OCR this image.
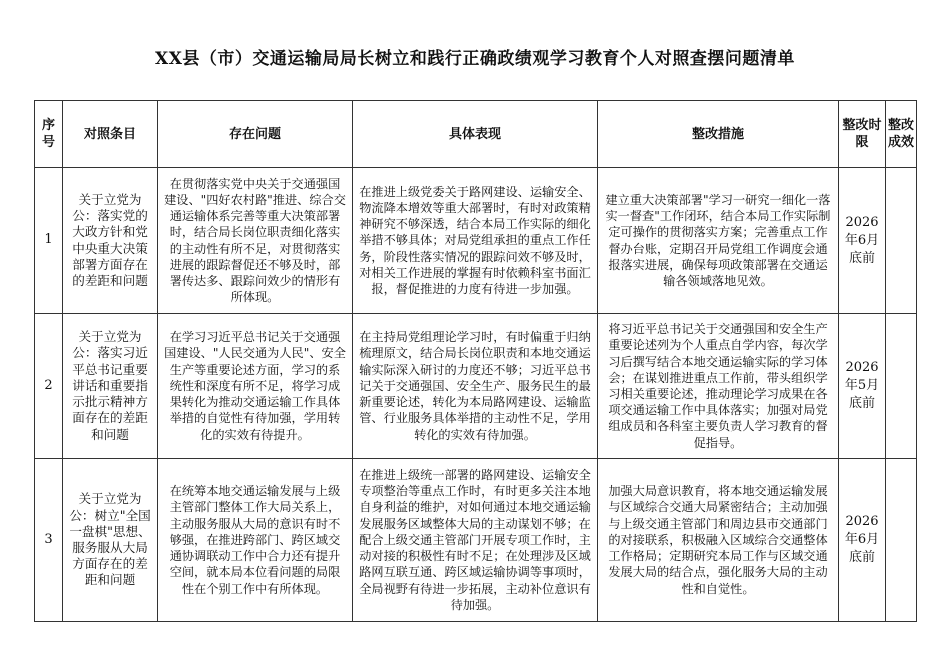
XX县（市）交通运输局局长树立和践行正确政绩观学习教育个人对照查摆问题清单
序号	对照条目	存在问题	具体表现	整改措施	整改时限	整改成效
1	关于立党为公：落实党的大政方针和党中央重大决策部署方面存在的差距和问题	在贯彻落实党中央关于交通强国建设、"四好农村路"推进、综合交通运输体系完善等重大决策部署时，结合局长岗位职责细化落实的主动性有所不足，对贯彻落实进展的跟踪督促还不够及时，部署传达多、跟踪问效少的情形有所体现。	在推进上级党委关于路网建设、运输安全、物流降本增效等重大部署时，有时对政策精神研究不够深透，结合本局工作实际的细化举措不够具体；对局党组承担的重点工作任务，阶段性落实情况的跟踪问效不够及时，对相关工作进展的掌握有时依赖科室书面汇报，督促推进的力度有待进一步加强。	建立重大决策部署"学习一研究一细化一落实一督查"工作闭环，结合本局工作实际制定可操作的贯彻落实方案；完善重点工作督办台账，定期召开局党组工作调度会通报落实进展，确保每项政策部署在交通运输各领域落地见效。	2026年6月底前	
2	关于立党为公：落实习近平总书记重要讲话和重要指示批示精神方面存在的差距和问题	在学习习近平总书记关于交通强国建设、"人民交通为人民"、安全生产等重要论述方面，学习的系统性和深度有所不足，将学习成果转化为推动交通运输工作具体举措的自觉性有待加强，学用转化的实效有待提升。	在主持局党组理论学习时，有时偏重于归纳梳理原文，结合局长岗位职责和本地交通运输实际深入研讨的力度还不够；习近平总书记关于交通强国、安全生产、服务民生的最新重要论述，转化为本局路网建设、运输监管、行业服务具体举措的主动性不足，学用转化的实效有待加强。	将习近平总书记关于交通强国和安全生产重要论述列为个人重点自学内容，每次学习后撰写结合本地交通运输实际的学习体会；在谋划推进重点工作前，带头组织学习相关重要论述，推动理论学习成果在各项交通运输工作中具体落实；加强对局党组成员和各科室主要负责人学习教育的督促指导。	2026年5月底前	
3	关于立党为公：树立"全国一盘棋"思想、服务服从大局方面存在的差距和问题	在统筹本地交通运输发展与上级主管部门整体工作大局关系上，主动服务服从大局的意识有时不够强，在推进跨部门、跨区域交通协调联动工作中合力还有提升空间，就本局本位看问题的局限性在个别工作中有所体现。	在推进上级统一部署的路网建设、运输安全专项整治等重点工作时，有时更多关注本地自身利益的维护，对如何通过本地交通运输发展服务区域整体大局的主动谋划不够；在配合上级交通主管部门开展专项工作时，主动对接的积极性有时不足；在处理涉及区域路网互联互通、跨区域运输协调等事项时，全局视野有待进一步拓展，主动补位意识有待加强。	加强大局意识教育，将本地交通运输发展与区域综合交通大局紧密结合；主动加强与上级交通主管部门和周边县市交通部门的对接联系，积极融入区域综合交通整体工作格局；定期研究本局工作与区域交通发展大局的结合点，强化服务大局的主动性和自觉性。	2026年6月底前	
